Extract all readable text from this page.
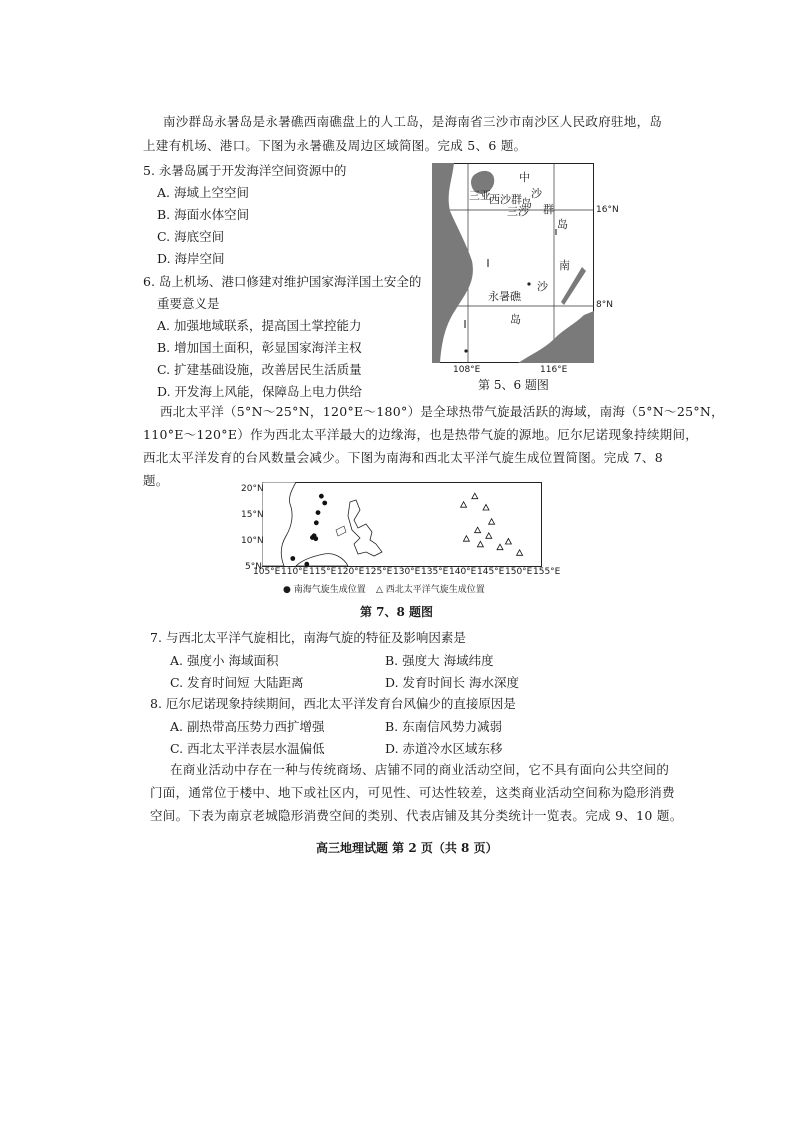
南沙群岛永暑岛是永暑礁西南礁盘上的人工岛，是海南省三沙市南沙区人民政府驻地，岛
上建有机场、港口。下图为永暑礁及周边区域简图。完成 5、6 题。
5. 永暑岛属于开发海洋空间资源中的
A. 海域上空空间
B. 海面水体空间
C. 海底空间
D. 海岸空间
6. 岛上机场、港口修建对维护国家海洋国土安全的
重要意义是
A. 加强地域联系，提高国土掌控能力
B. 增加国土面积，彰显国家海洋主权
C. 扩建基础设施，改善居民生活质量
D. 开发海上风能，保障岛上电力供给
中
三亚
西沙群 岛
三沙
沙
群
岛
南
沙
永暑礁
岛
16°N
8°N
108°E	116°E
第 5、6 题图
西北太平洋（5°N～25°N，120°E～180°）是全球热带气旋最活跃的海域，南海（5°N～25°N，
110°E～120°E）作为西北太平洋最大的边缘海，也是热带气旋的源地。厄尔尼诺现象持续期间，
西北太平洋发育的台风数量会减少。下图为南海和西北太平洋气旋生成位置简图。完成 7、8
题。
20°N
15°N
10°N
5°N
105°E 110°E 115°E 120°E 125°E 130°E 135°E 140°E 145°E 150°E 155°E
● 南海气旋生成位置 △ 西北太平洋气旋生成位置
第 7、8 题图
7. 与西北太平洋气旋相比，南海气旋的特征及影响因素是
A. 强度小 海域面积	B. 强度大 海域纬度
C. 发育时间短 大陆距离	D. 发育时间长 海水深度
8. 厄尔尼诺现象持续期间，西北太平洋发育台风偏少的直接原因是
A. 副热带高压势力西扩增强	B. 东南信风势力减弱
C. 西北太平洋表层水温偏低	D. 赤道冷水区域东移
在商业活动中存在一种与传统商场、店铺不同的商业活动空间，它不具有面向公共空间的
门面，通常位于楼中、地下或社区内，可见性、可达性较差，这类商业活动空间称为隐形消费
空间。下表为南京老城隐形消费空间的类别、代表店铺及其分类统计一览表。完成 9、10 题。
高三地理试题 第 2 页（共 8 页）
